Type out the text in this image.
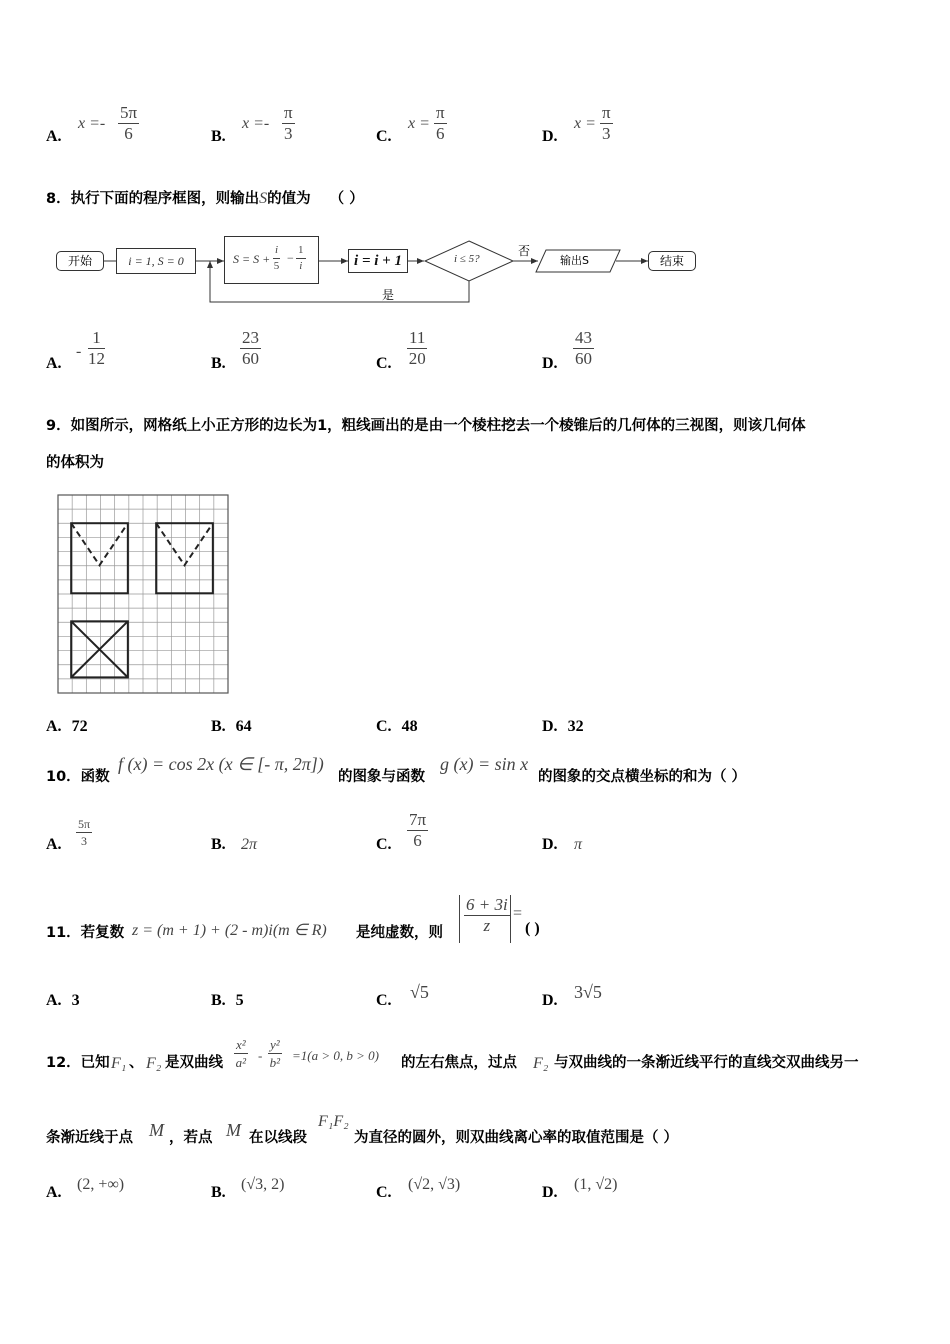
A.
$x =- \frac{5\pi}{6}$	B.
$x =- \frac{\pi}{3}$	C.
$x = \frac{\pi}{6}$	D.
$x = \frac{\pi}{3}$
8．执行下面的程序框图，则输出S的值为 （ ）
开始	i = 1, S = 0	$S = S + \frac{i}{5} - \frac{1}{i}$	i = i + 1	i ≤ 5?
否
是
输出S	结束
A.
- $\frac{1}{12}$	B. $\frac{23}{60}$	C. $\frac{11}{20}$	D. $\frac{43}{60}$
9．如图所示，网格纸上小正方形的边长为1，粗线画出的是由一个棱柱挖去一个棱锥后的几何体的三视图，则该几何体
的体积为
A. 72	B. 64	C. 48	D. 32
10．函数
f (x) = cos 2x (x ∈ [- π, 2π])
的图象与函数
g (x) = sin x
的图象的交点横坐标的和为（ ）
A. $\frac{5\pi}{3}$	B. 2π	C. $\frac{7\pi}{6}$	D. π
11．若复数 z = (m + 1) + (2 - m)i(m ∈ R) 是纯虚数，则 $\frac{6 + 3i}{z}$ =
( )
A. 3	B. 5	C. √5	D. 3√5
12．已知 F₁ 、 F₂ 是双曲线 $\frac{\text{x²}}{\text{a²}} - \frac{\text{y²}}{\text{b²}} =1(a > 0$, b > 0) 的左右焦点，过点 F₂ 与双曲线的一条渐近线平行的直线交双曲线另一
条渐近线于点 M ，若点 M 在以线段
F₁F₂
为直径的圆外，则双曲线离心率的取值范围是（ ）
A. (2, +∞)	B. (√3, 2)	C. (√2, √3)	D. (1, √2)
